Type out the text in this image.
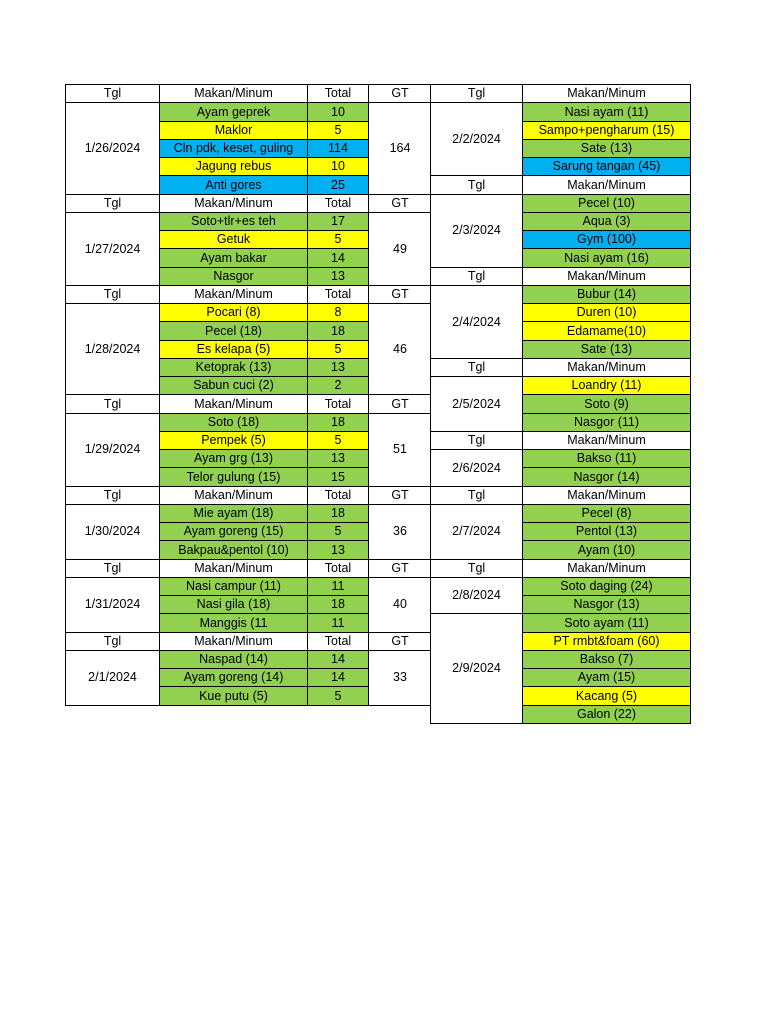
Tgl	Makan/Minum	Total	GT
1/26/2024
Ayam geprek	10
Maklor	5
Cln pdk, keset, guling	114
Jagung rebus	10
Anti gores	25
164
Tgl	Makan/Minum	Total	GT
1/27/2024
Soto+tlr+es teh	17
Getuk	5
Ayam bakar	14
Nasgor	13
49
Tgl	Makan/Minum	Total	GT
1/28/2024
Pocari (8)	8
Pecel (18)	18
Es kelapa (5)	5
Ketoprak (13)	13
Sabun cuci (2)	2
46
Tgl	Makan/Minum	Total	GT
1/29/2024
Soto (18)	18
Pempek (5)	5
Ayam grg (13)	13
Telor gulung (15)	15
51
Tgl	Makan/Minum	Total	GT
1/30/2024
Mie ayam (18)	18
Ayam goreng (15)	5
Bakpau&pentol (10)	13
36
Tgl	Makan/Minum	Total	GT
1/31/2024
Nasi campur (11)	11
Nasi gila (18)	18
Manggis (11	11
40
Tgl	Makan/Minum	Total	GT
2/1/2024
Naspad (14)	14
Ayam goreng (14)	14
Kue putu (5)	5
33
Tgl	Makan/Minum
2/2/2024
Nasi ayam (11)
Sampo+pengharum (15)
Sate (13)
Sarung tangan (45)
Tgl	Makan/Minum
2/3/2024
Pecel (10)
Aqua (3)
Gym (100)
Nasi ayam (16)
Tgl	Makan/Minum
2/4/2024
Bubur (14)
Duren (10)
Edamame(10)
Sate (13)
Tgl	Makan/Minum
2/5/2024
Loandry (11)
Soto (9)
Nasgor (11)
Tgl	Makan/Minum
2/6/2024
Bakso (11)
Nasgor (14)
Tgl	Makan/Minum
2/7/2024
Pecel (8)
Pentol (13)
Ayam (10)
Tgl	Makan/Minum
2/8/2024
Soto daging (24)
Nasgor (13)
2/9/2024
Soto ayam (11)
PT rmbt&foam (60)
Bakso (7)
Ayam (15)
Kacang (5)
Galon (22)
